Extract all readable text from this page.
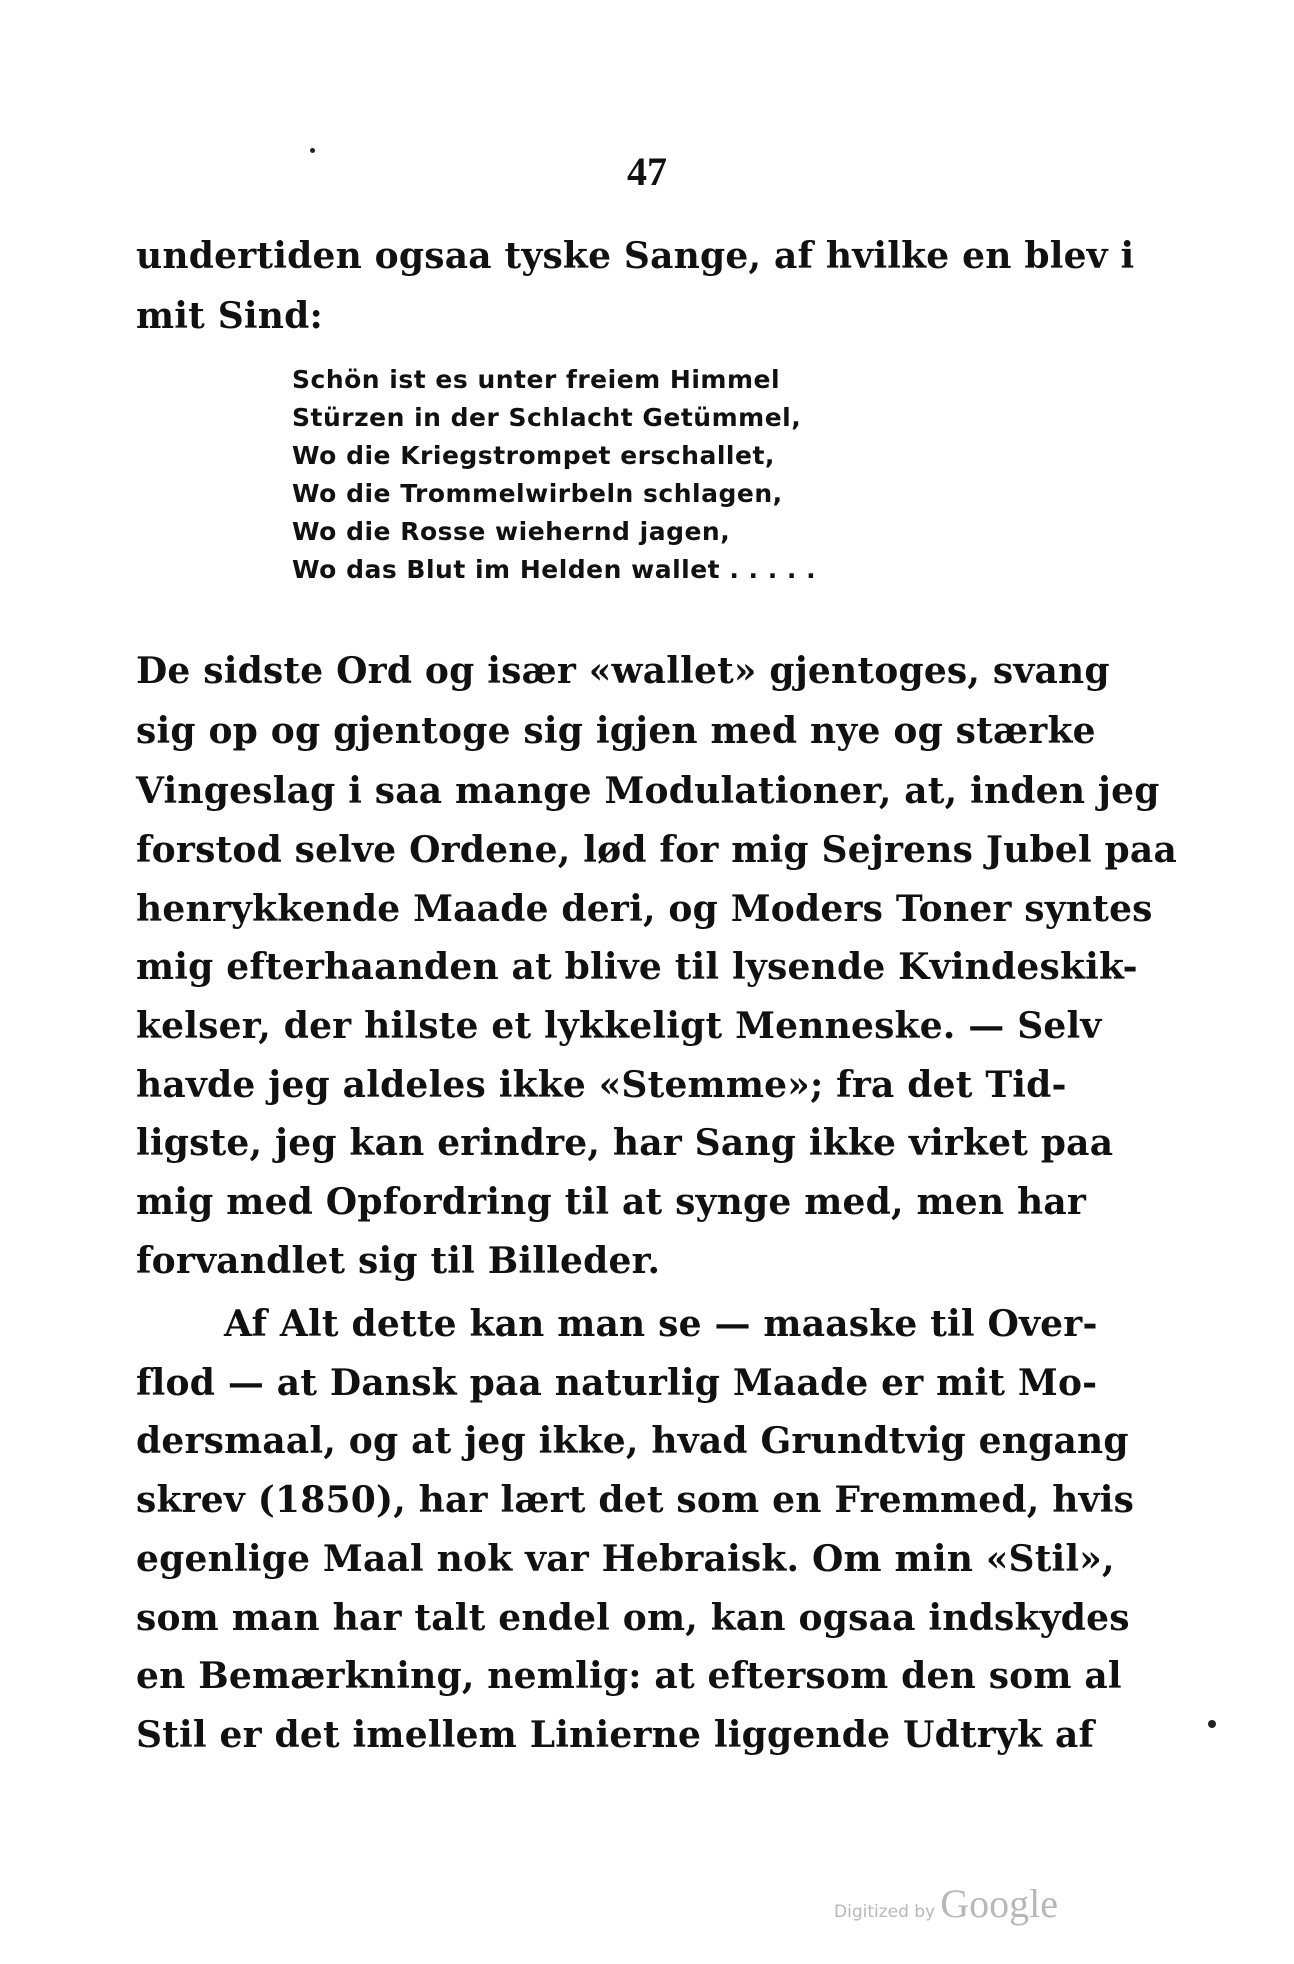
47
undertiden ogsaa tyske Sange, af hvilke en blev i
mit Sind:
Schön ist es unter freiem Himmel
Stürzen in der Schlacht Getümmel,
Wo die Kriegstrompet erschallet,
Wo die Trommelwirbeln schlagen,
Wo die Rosse wiehernd jagen,
Wo das Blut im Helden wallet . . . . .
De sidste Ord og især «wallet» gjentoges, svang
sig op og gjentoge sig igjen med nye og stærke
Vingeslag i saa mange Modulationer, at, inden jeg
forstod selve Ordene, lød for mig Sejrens Jubel paa
henrykkende Maade deri, og Moders Toner syntes
mig efterhaanden at blive til lysende Kvindeskik-
kelser, der hilste et lykkeligt Menneske. — Selv
havde jeg aldeles ikke «Stemme»; fra det Tid-
ligste, jeg kan erindre, har Sang ikke virket paa
mig med Opfordring til at synge med, men har
forvandlet sig til Billeder.
Af Alt dette kan man se — maaske til Over-
flod — at Dansk paa naturlig Maade er mit Mo-
dersmaal, og at jeg ikke, hvad Grundtvig engang
skrev (1850), har lært det som en Fremmed, hvis
egenlige Maal nok var Hebraisk. Om min «Stil»,
som man har talt endel om, kan ogsaa indskydes
en Bemærkning, nemlig: at eftersom den som al
Stil er det imellem Linierne liggende Udtryk af
Digitized by Google
